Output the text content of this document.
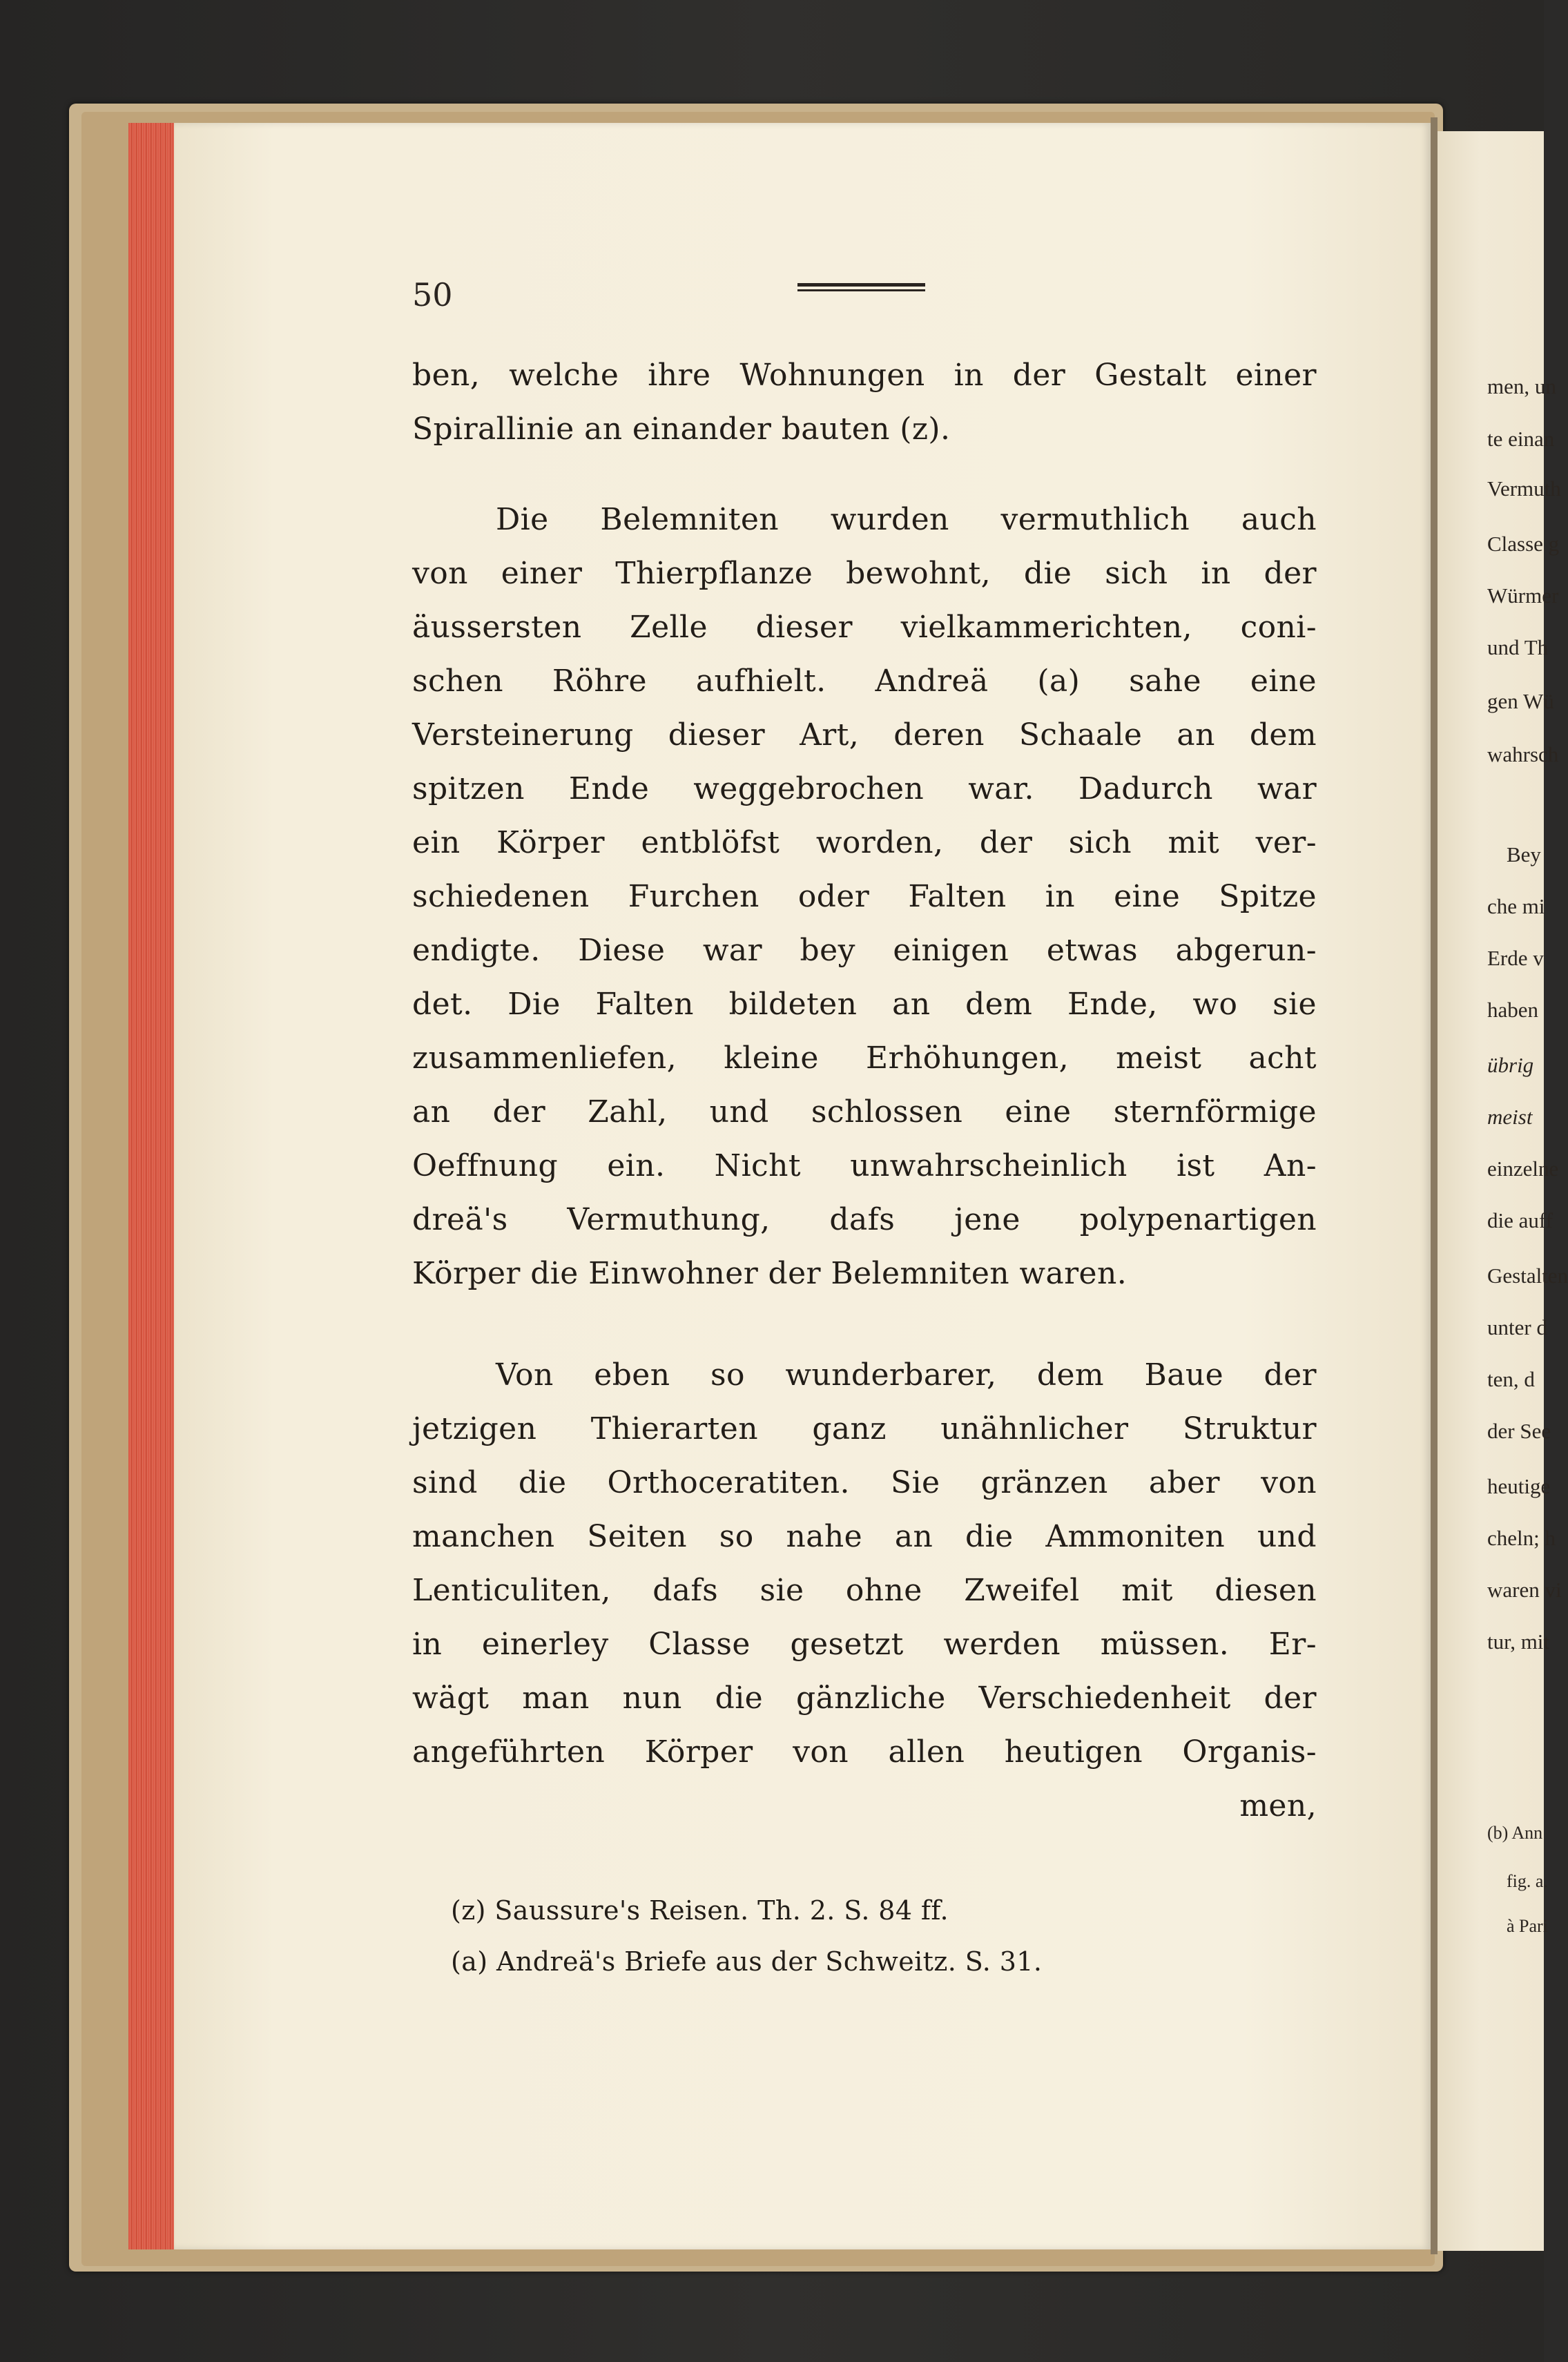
men, un
te einan
Vermuth
Classe g
Würmer
und Th
gen Wü
wahrsch
Bey
che mi
Erde v
haben
übrig
meist
einzelne
die auff
Gestalten
unter d
ten, d
der See
heutige
cheln; h
waren vi
tur, mit
(b) Ann
fig. a.
à Pari
50
ben, welche ihre Wohnungen in der Gestalt einer
Spirallinie an einander bauten (z).
Die Belemniten wurden vermuthlich auch
von einer Thierpflanze bewohnt, die sich in der
äussersten Zelle dieser vielkammerichten, coni-
schen Röhre aufhielt. Andreä (a) sahe eine
Versteinerung dieser Art, deren Schaale an dem
spitzen Ende weggebrochen war. Dadurch war
ein Körper entblöfst worden, der sich mit ver-
schiedenen Furchen oder Falten in eine Spitze
endigte. Diese war bey einigen etwas abgerun-
det. Die Falten bildeten an dem Ende, wo sie
zusammenliefen, kleine Erhöhungen, meist acht
an der Zahl, und schlossen eine sternförmige
Oeffnung ein. Nicht unwahrscheinlich ist An-
dreä's Vermuthung, dafs jene polypenartigen
Körper die Einwohner der Belemniten waren.
Von eben so wunderbarer, dem Baue der
jetzigen Thierarten ganz unähnlicher Struktur
sind die Orthoceratiten. Sie gränzen aber von
manchen Seiten so nahe an die Ammoniten und
Lenticuliten, dafs sie ohne Zweifel mit diesen
in einerley Classe gesetzt werden müssen. Er-
wägt man nun die gänzliche Verschiedenheit der
angeführten Körper von allen heutigen Organis-
men,
(z) Saussure's Reisen. Th. 2. S. 84 ff.
(a) Andreä's Briefe aus der Schweitz. S. 31.
